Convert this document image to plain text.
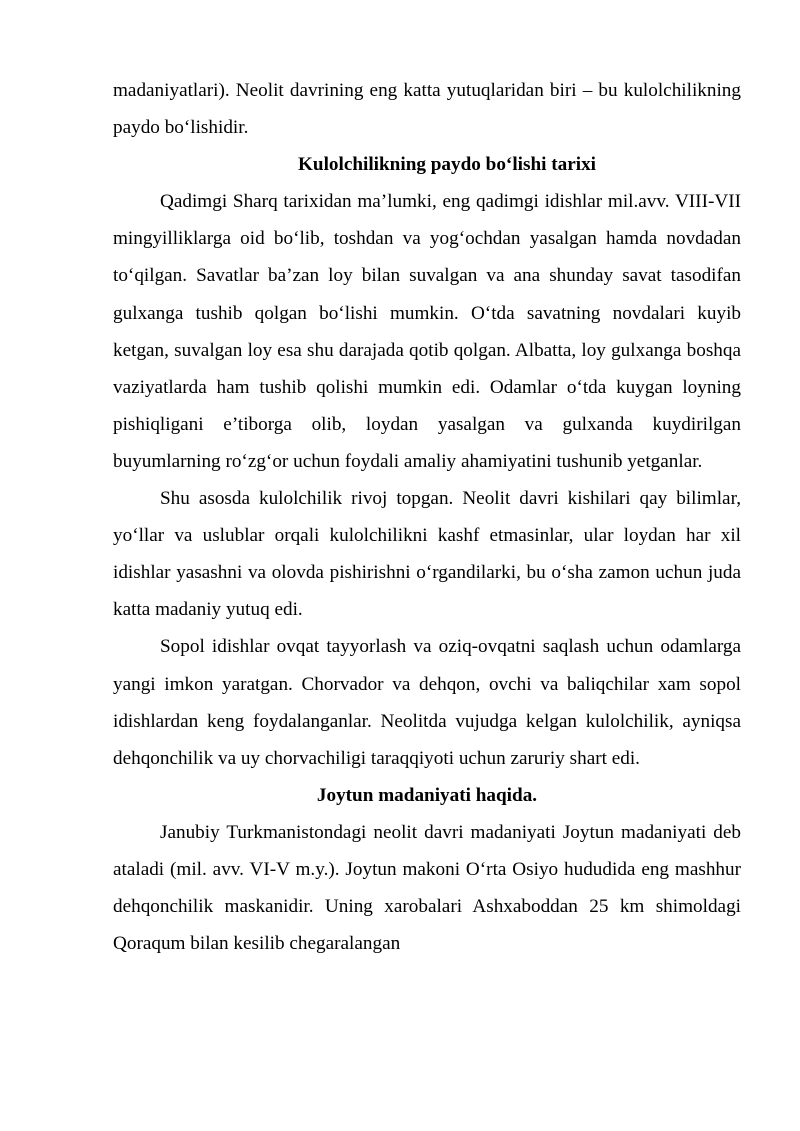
madaniyatlari). Neolit davrining eng katta yutuqlaridan biri – bu kulolchilikning paydo bo‘lishidir.

Kulolchilikning paydo bo‘lishi tarixi

Qadimgi Sharq tarixidan ma’lumki, eng qadimgi idishlar mil.avv. VIII-VII mingyilliklarga oid bo‘lib, toshdan va yog‘ochdan yasalgan hamda novdadan to‘qilgan. Savatlar ba’zan loy bilan suvalgan va ana shunday savat tasodifan gulxanga tushib qolgan bo‘lishi mumkin. O‘tda savatning novdalari kuyib ketgan, suvalgan loy esa shu darajada qotib qolgan. Albatta, loy gulxanga boshqa vaziyatlarda ham tushib qolishi mumkin edi. Odamlar o‘tda kuygan loyning pishiqligani e’tiborga olib, loydan yasalgan va gulxanda kuydirilgan buyumlarning ro‘zg‘or uchun foydali amaliy ahamiyatini tushunib yetganlar.

Shu asosda kulolchilik rivoj topgan. Neolit davri kishilari qay bilimlar, yo‘llar va uslublar orqali kulolchilikni kashf etmasinlar, ular loydan har xil idishlar yasashni va olovda pishirishni o‘rgandilarki, bu o‘sha zamon uchun juda katta madaniy yutuq edi.

Sopol idishlar ovqat tayyorlash va oziq-ovqatni saqlash uchun odamlarga yangi imkon yaratgan. Chorvador va dehqon, ovchi va baliqchilar xam sopol idishlardan keng foydalanganlar. Neolitda vujudga kelgan kulolchilik, ayniqsa dehqonchilik va uy chorvachiligi taraqqiyoti uchun zaruriy shart edi.

Joytun madaniyati haqida.

Janubiy Turkmanistondagi neolit davri madaniyati Joytun madaniyati deb ataladi (mil. avv. VI-V m.y.). Joytun makoni O‘rta Osiyo hududida eng mashhur dehqonchilik maskanidir. Uning xarobalari Ashxaboddan 25 km shimoldagi Qoraqum bilan kesilib chegaralangan
